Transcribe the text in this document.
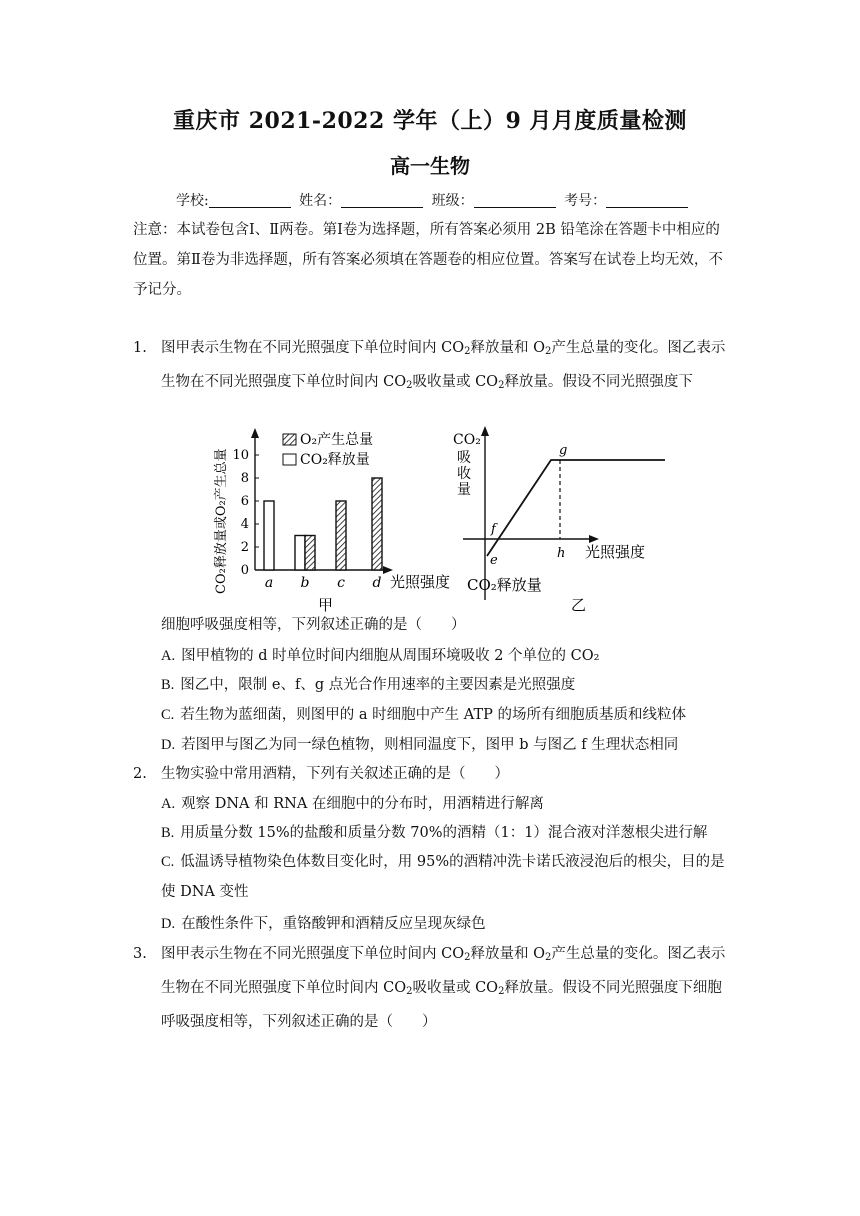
重庆市 2021-2022 学年（上）9 月月度质量检测
高一生物
学校:	姓名：	班级：	考号：
注意：本试卷包含Ⅰ、Ⅱ两卷。第Ⅰ卷为选择题，所有答案必须用 2B 铅笔涂在答题卡中相应的位置。第Ⅱ卷为非选择题，所有答案必须填在答题卷的相应位置。答案写在试卷上均无效，不予记分。
1. 图甲表示生物在不同光照强度下单位时间内 $CO_2$释放量和 $O_2$产生总量的变化。图乙表示生物在不同光照强度下单位时间内 $CO_2$吸收量或 $CO_2$释放量。假设不同光照强度下
0
2
4
6
8
10
a b c d
CO₂释放量或O₂产生总量	光照强度
甲
O₂产生总量
CO₂释放量
CO₂
吸
收
量
e
f
g
h 光照强度
CO₂释放量
乙
细胞呼吸强度相等，下列叙述正确的是（　　）
A. 图甲植物的 d 时单位时间内细胞从周围环境吸收 2 个单位的 CO₂
B. 图乙中，限制 e、f、g 点光合作用速率的主要因素是光照强度
C. 若生物为蓝细菌，则图甲的 a 时细胞中产生 ATP 的场所有细胞质基质和线粒体
D. 若图甲与图乙为同一绿色植物，则相同温度下，图甲 b 与图乙 f 生理状态相同
2. 生物实验中常用酒精，下列有关叙述正确的是（　　）
A. 观察 DNA 和 RNA 在细胞中的分布时，用酒精进行解离
B. 用质量分数 15%的盐酸和质量分数 70%的酒精（1：1）混合液对洋葱根尖进行解
C. 低温诱导植物染色体数目变化时，用 95%的酒精冲洗卡诺氏液浸泡后的根尖，目的是使 DNA 变性
D. 在酸性条件下，重铬酸钾和酒精反应呈现灰绿色
3. 图甲表示生物在不同光照强度下单位时间内 $CO_2$释放量和 $O_2$产生总量的变化。图乙表示生物在不同光照强度下单位时间内 $CO_2$吸收量或 $CO_2$释放量。假设不同光照强度下细胞呼吸强度相等，下列叙述正确的是（　　）
